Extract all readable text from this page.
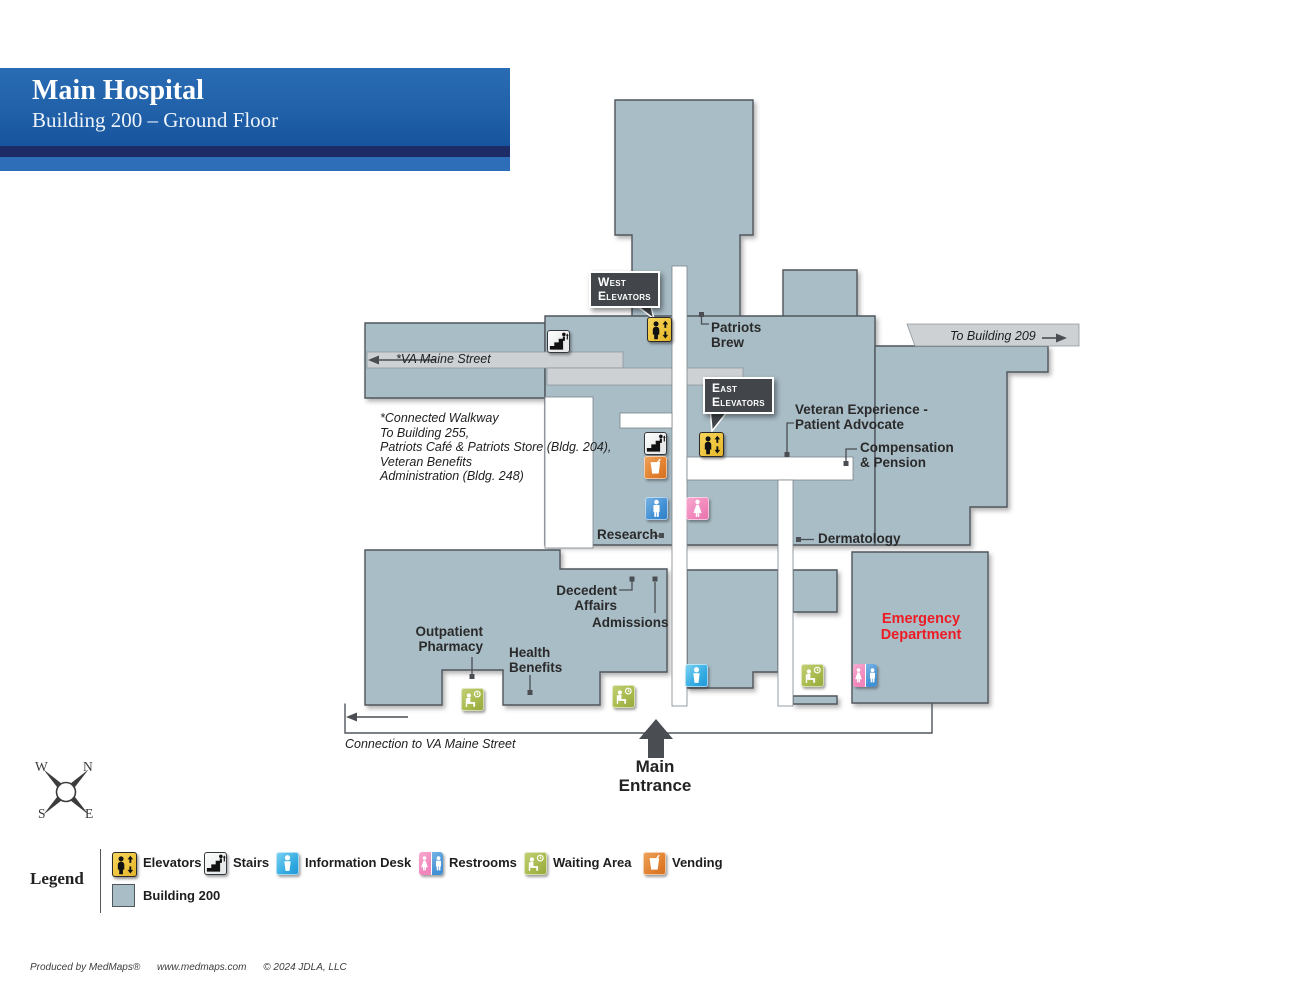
Main Hospital
Building 200 – Ground Floor
West
Elevators
East
Elevators
Patriots
Brew
*VA Maine Street
To Building 209
*Connected Walkway
To Building 255,
Patriots Café & Patriots Store (Bldg. 204),
Veteran Benefits
Administration (Bldg. 248)
Veteran Experience -
Patient Advocate
Compensation
& Pension
Research	Dermatology
Decedent
Affairs
Admissions
Outpatient
Pharmacy Health
Benefits
Emergency
Department
Connection to VA Maine Street
Main
Entrance
W	N
S	E
Legend
Elevators Stairs	Information Desk	Restrooms	Waiting Area	Vending
Building 200
Produced by MedMaps® www.medmaps.com © 2024 JDLA, LLC
